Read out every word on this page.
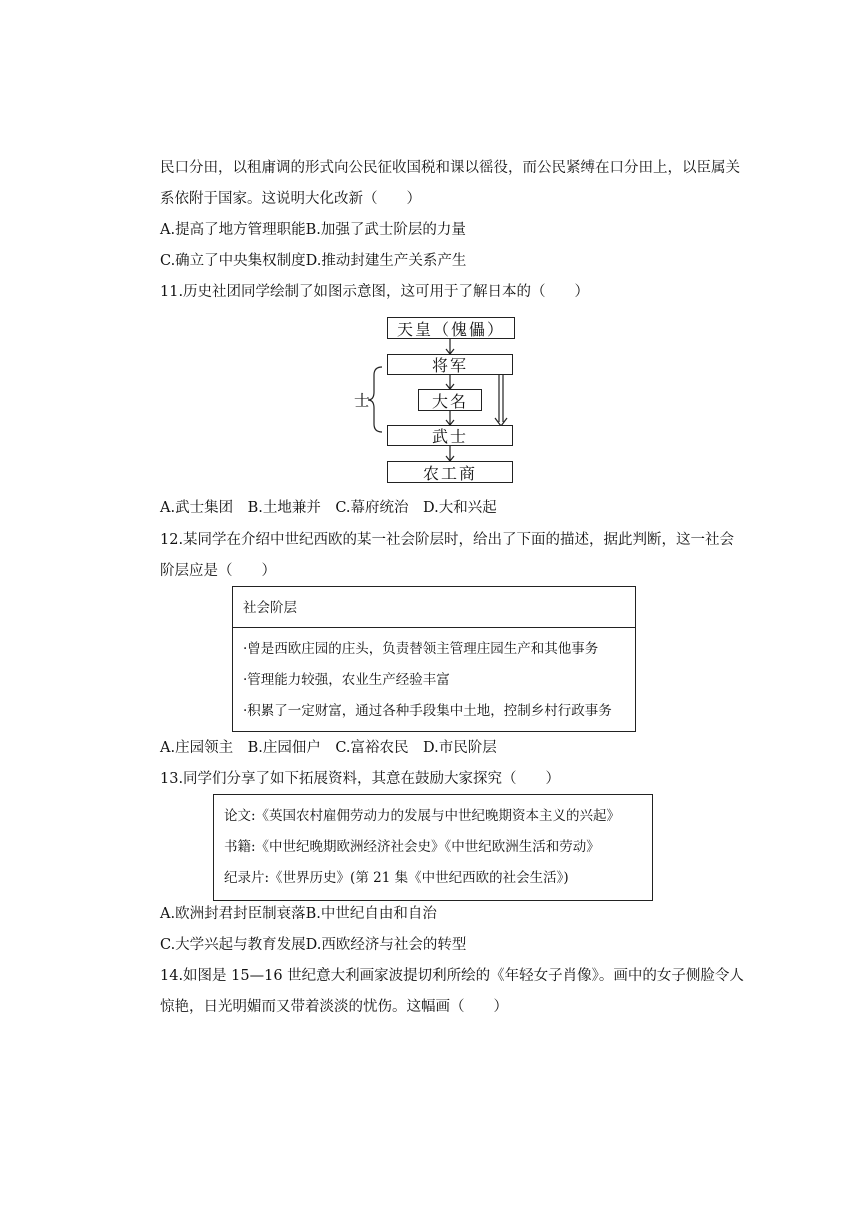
民口分田，以租庸调的形式向公民征收国税和课以徭役，而公民紧缚在口分田上，以臣属关
系依附于国家。这说明大化改新（　　）
A.提高了地方管理职能B.加强了武士阶层的力量
C.确立了中央集权制度D.推动封建生产关系产生
11.历史社团同学绘制了如图示意图，这可用于了解日本的（　　）
士
天皇（傀儡）
将军
大名
武士
农工商
A.武士集团　B.土地兼并　C.幕府统治　D.大和兴起
12.某同学在介绍中世纪西欧的某一社会阶层时，给出了下面的描述，据此判断，这一社会
阶层应是（　　）
社会阶层
·曾是西欧庄园的庄头，负责替领主管理庄园生产和其他事务
·管理能力较强，农业生产经验丰富
·积累了一定财富，通过各种手段集中土地，控制乡村行政事务
A.庄园领主　B.庄园佃户　C.富裕农民　D.市民阶层
13.同学们分享了如下拓展资料，其意在鼓励大家探究（　　）
论文:《英国农村雇佣劳动力的发展与中世纪晚期资本主义的兴起》
书籍:《中世纪晚期欧洲经济社会史》《中世纪欧洲生活和劳动》
纪录片:《世界历史》(第 21 集《中世纪西欧的社会生活》)
A.欧洲封君封臣制衰落B.中世纪自由和自治
C.大学兴起与教育发展D.西欧经济与社会的转型
14.如图是 15—16 世纪意大利画家波提切利所绘的《年轻女子肖像》。画中的女子侧脸令人
惊艳，日光明媚而又带着淡淡的忧伤。这幅画（　　）
